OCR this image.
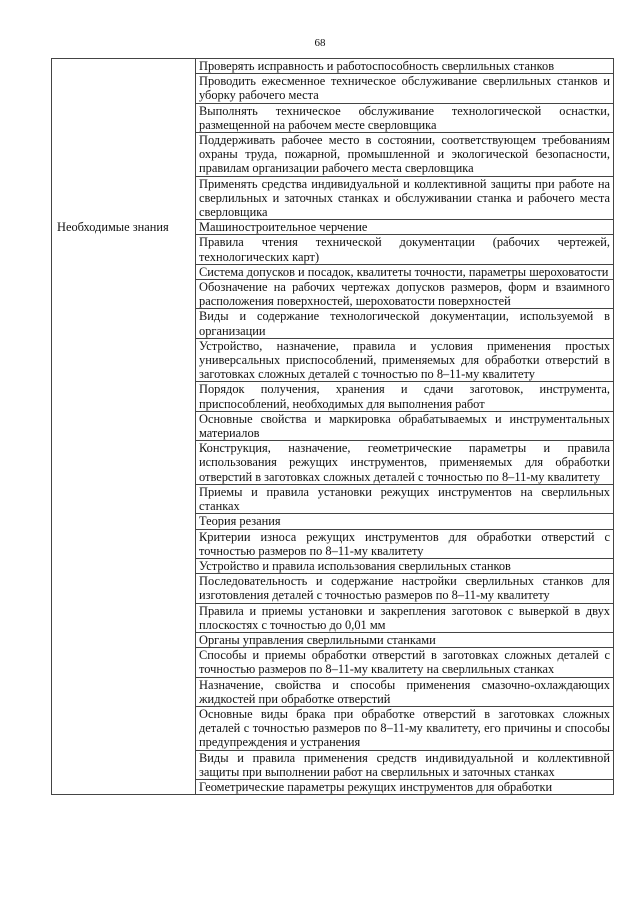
68
	Проверять исправность и работоспособность сверлильных станков
	Проводить ежесменное техническое обслуживание сверлильных станков и уборку рабочего места
	Выполнять техническое обслуживание технологической оснастки, размещенной на рабочем месте сверловщика
	Поддерживать рабочее место в состоянии, соответствующем требованиям охраны труда, пожарной, промышленной и экологической безопасности, правилам организации рабочего места сверловщика
	Применять средства индивидуальной и коллективной защиты при работе на сверлильных и заточных станках и обслуживании станка и рабочего места сверловщика
Необходимые знания	Машиностроительное черчение
	Правила чтения технической документации (рабочих чертежей, технологических карт)
	Система допусков и посадок, квалитеты точности, параметры шероховатости
	Обозначение на рабочих чертежах допусков размеров, форм и взаимного расположения поверхностей, шероховатости поверхностей
	Виды и содержание технологической документации, используемой в организации
	Устройство, назначение, правила и условия применения простых универсальных приспособлений, применяемых для обработки отверстий в заготовках сложных деталей с точностью по 8–11-му квалитету
	Порядок получения, хранения и сдачи заготовок, инструмента, приспособлений, необходимых для выполнения работ
	Основные свойства и маркировка обрабатываемых и инструментальных материалов
	Конструкция, назначение, геометрические параметры и правила использования режущих инструментов, применяемых для обработки отверстий в заготовках сложных деталей с точностью по 8–11-му квалитету
	Приемы и правила установки режущих инструментов на сверлильных станках
	Теория резания
	Критерии износа режущих инструментов для обработки отверстий с точностью размеров по 8–11-му квалитету
	Устройство и правила использования сверлильных станков
	Последовательность и содержание настройки сверлильных станков для изготовления деталей с точностью размеров по 8–11-му квалитету
	Правила и приемы установки и закрепления заготовок с выверкой в двух плоскостях с точностью до 0,01 мм
	Органы управления сверлильными станками
	Способы и приемы обработки отверстий в заготовках сложных деталей с точностью размеров по 8–11-му квалитету на сверлильных станках
	Назначение, свойства и способы применения смазочно-охлаждающих жидкостей при обработке отверстий
	Основные виды брака при обработке отверстий в заготовках сложных деталей с точностью размеров по 8–11-му квалитету, его причины и способы предупреждения и устранения
	Виды и правила применения средств индивидуальной и коллективной защиты при выполнении работ на сверлильных и заточных станках
	Геометрические параметры режущих инструментов для обработки
